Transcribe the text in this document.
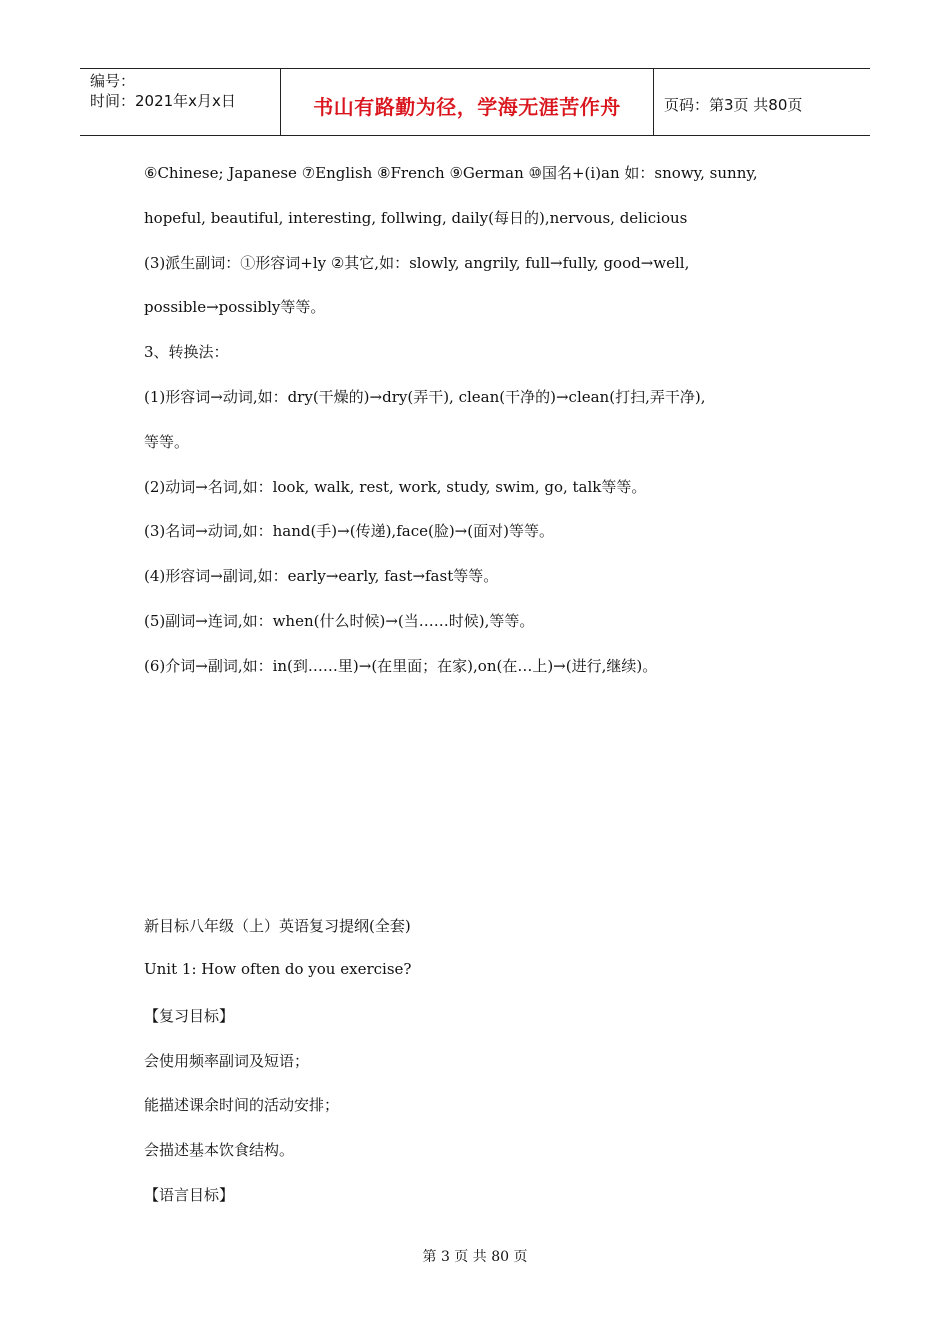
编号：
时间：2021年x月x日	书山有路勤为径，学海无涯苦作舟	页码：第3页 共80页
⑥Chinese; Japanese ⑦English ⑧French ⑨German ⑩国名+(i)an 如：snowy, sunny,
hopeful, beautiful, interesting, follwing, daily(每日的),nervous, delicious
(3)派生副词：①形容词+ly ②其它,如：slowly, angrily, full→fully, good→well,
possible→possibly等等。
3、转换法：
(1)形容词→动词,如：dry(干燥的)→dry(弄干), clean(干净的)→clean(打扫,弄干净),
等等。
(2)动词→名词,如：look, walk, rest, work, study, swim, go, talk等等。
(3)名词→动词,如：hand(手)→(传递),face(脸)→(面对)等等。
(4)形容词→副词,如：early→early, fast→fast等等。
(5)副词→连词,如：when(什么时候)→(当……时候),等等。
(6)介词→副词,如：in(到……里)→(在里面；在家),on(在…上)→(进行,继续)。
新目标八年级（上）英语复习提纲(全套)
Unit 1: How often do you exercise?
【复习目标】
会使用频率副词及短语；
能描述课余时间的活动安排；
会描述基本饮食结构。
【语言目标】
第 3 页 共 80 页
